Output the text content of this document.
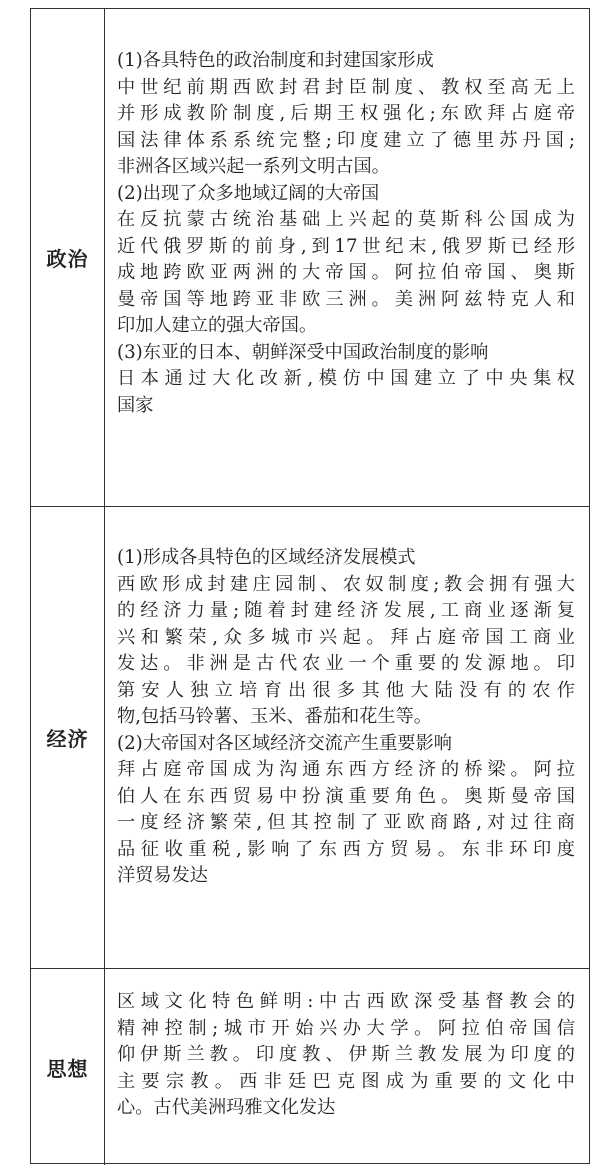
政治
(1)各具特色的政治制度和封建国家形成
中世纪前期西欧封君封臣制度、教权至高无上
并形成教阶制度,后期王权强化;东欧拜占庭帝
国法律体系系统完整;印度建立了德里苏丹国;
非洲各区域兴起一系列文明古国。
(2)出现了众多地域辽阔的大帝国
在反抗蒙古统治基础上兴起的莫斯科公国成为
近代俄罗斯的前身,到17世纪末,俄罗斯已经形
成地跨欧亚两洲的大帝国。阿拉伯帝国、奥斯
曼帝国等地跨亚非欧三洲。美洲阿兹特克人和
印加人建立的强大帝国。
(3)东亚的日本、朝鲜深受中国政治制度的影响
日本通过大化改新,模仿中国建立了中央集权
国家
经济
(1)形成各具特色的区域经济发展模式
西欧形成封建庄园制、农奴制度;教会拥有强大
的经济力量;随着封建经济发展,工商业逐渐复
兴和繁荣,众多城市兴起。拜占庭帝国工商业
发达。非洲是古代农业一个重要的发源地。印
第安人独立培育出很多其他大陆没有的农作
物,包括马铃薯、玉米、番茄和花生等。
(2)大帝国对各区域经济交流产生重要影响
拜占庭帝国成为沟通东西方经济的桥梁。阿拉
伯人在东西贸易中扮演重要角色。奥斯曼帝国
一度经济繁荣,但其控制了亚欧商路,对过往商
品征收重税,影响了东西方贸易。东非环印度
洋贸易发达
思想
区域文化特色鲜明:中古西欧深受基督教会的
精神控制;城市开始兴办大学。阿拉伯帝国信
仰伊斯兰教。印度教、伊斯兰教发展为印度的
主要宗教。西非廷巴克图成为重要的文化中
心。古代美洲玛雅文化发达
